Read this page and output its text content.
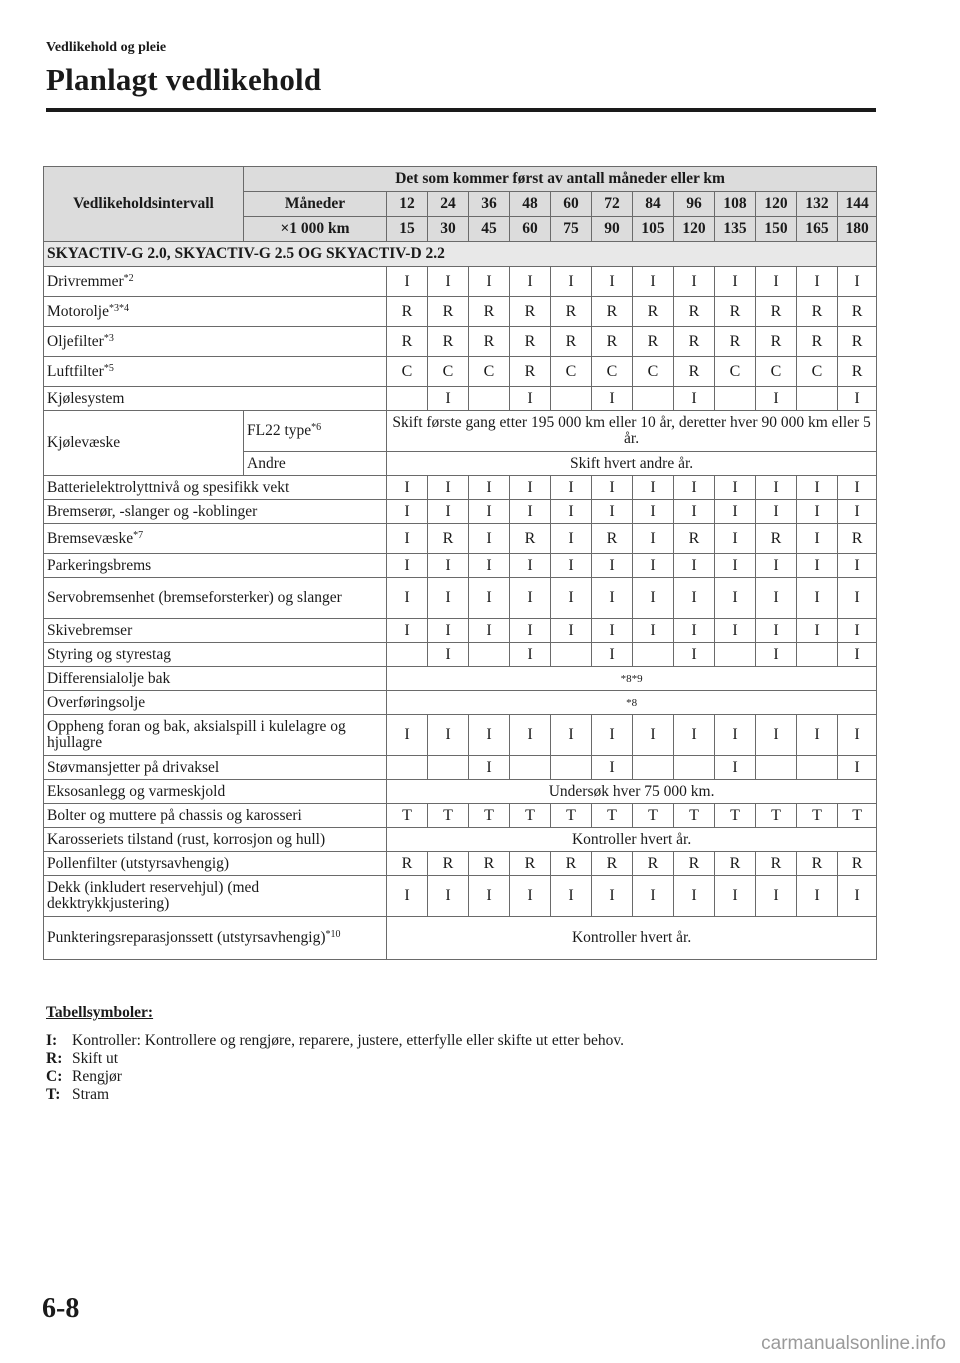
Vedlikehold og pleie
Planlagt vedlikehold
Vedlikeholdsintervall	Det som kommer først av antall måneder eller km												
	Måneder	12	24	36	48	60	72	84	96	108	120	132	144
	×1 000 km	15	30	45	60	75	90	105	120	135	150	165	180
SKYACTIV-G 2.0, SKYACTIV-G 2.5 OG SKYACTIV-D 2.2													
Drivremmer$^{*2}$		I	I	I	I	I	I	I	I	I	I	I	I
Motorolje$^{*3*4}$		R	R	R	R	R	R	R	R	R	R	R	R
Oljefilter$^{*3}$		R	R	R	R	R	R	R	R	R	R	R	R
Luftfilter$^{*5}$		C	C	C	R	C	C	C	R	C	C	C	R
Kjølesystem			I		I		I		I		I		I
Kjølevæske	FL22 type$^{*6}$	Skift første gang etter 195 000 km eller 10 år, deretter hver 90 000 km eller 5 år.											
	Andre	Skift hvert andre år.											
Batterielektrolyttnivå og spesifikk vekt		I	I	I	I	I	I	I	I	I	I	I	I
Bremserør, -slanger og -koblinger		I	I	I	I	I	I	I	I	I	I	I	I
Bremsevæske$^{*7}$		I	R	I	R	I	R	I	R	I	R	I	R
Parkeringsbrems		I	I	I	I	I	I	I	I	I	I	I	I
Servobremsenhet (bremseforsterker) og slanger		I	I	I	I	I	I	I	I	I	I	I	I
Skivebremser		I	I	I	I	I	I	I	I	I	I	I	I
Styring og styrestag			I		I		I		I		I		I
Differensialolje bak		*8*9											
Overføringsolje		*8											
Oppheng foran og bak, aksialspill i kulelagre og hjullagre		I	I	I	I	I	I	I	I	I	I	I	I
Støvmansjetter på drivaksel				I			I			I			I
Eksosanlegg og varmeskjold		Undersøk hver 75 000 km.											
Bolter og muttere på chassis og karosseri		T	T	T	T	T	T	T	T	T	T	T	T
Karosseriets tilstand (rust, korrosjon og hull)		Kontroller hvert år.											
Pollenfilter (utstyrsavhengig)		R	R	R	R	R	R	R	R	R	R	R	R
Dekk (inkludert reservehjul) (med dekktrykkjustering)		I	I	I	I	I	I	I	I	I	I	I	I
Punkteringsreparasjonssett (utstyrsavhengig)$^{*10}$		Kontroller hvert år.											
Tabellsymboler:
I: Kontroller: Kontrollere og rengjøre, reparere, justere, etterfylle eller skifte ut etter behov.
R: Skift ut
C: Rengjør
T: Stram
6-8
carmanualsonline.info
